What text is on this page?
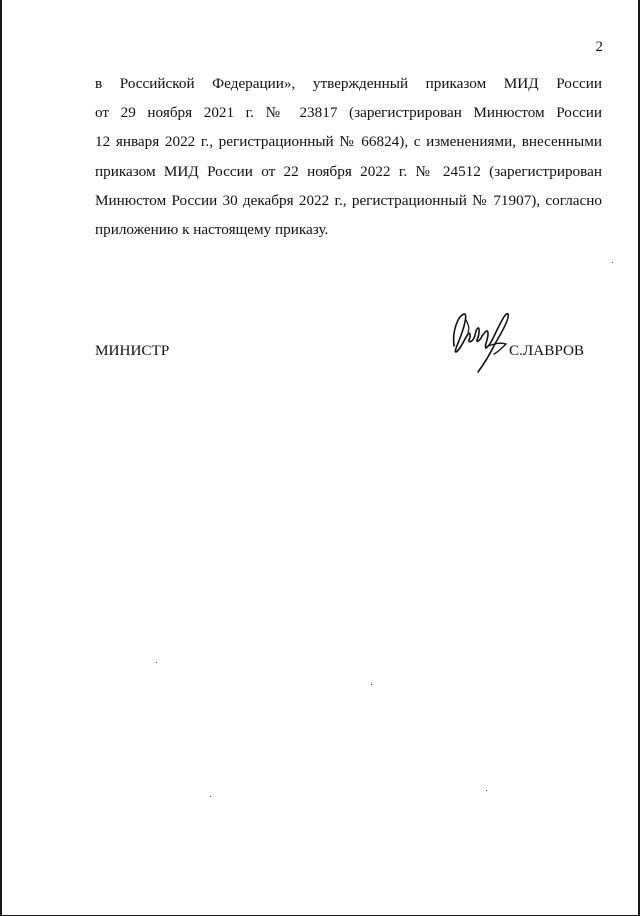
2
в Российской Федерации», утвержденный приказом МИД России
от 29 ноября 2021 г. № 23817 (зарегистрирован Минюстом России
12 января 2022 г., регистрационный № 66824), с изменениями, внесенными
приказом МИД России от 22 ноября 2022 г. № 24512 (зарегистрирован
Минюстом России 30 декабря 2022 г., регистрационный № 71907), согласно
приложению к настоящему приказу.
МИНИСТР	С.ЛАВРОВ
